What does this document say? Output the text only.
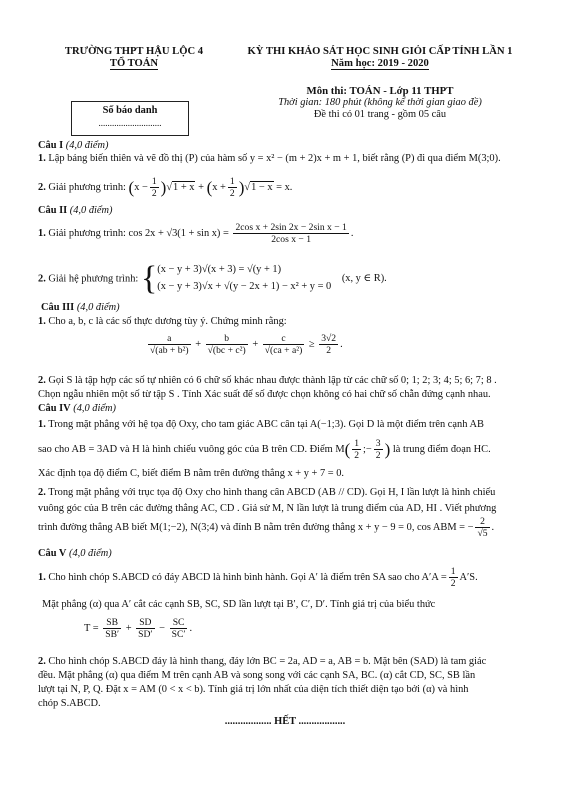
TRƯỜNG THPT HẬU LỘC 4
TỔ TOÁN
KỲ THI KHẢO SÁT HỌC SINH GIỎI CẤP TỈNH LẦN 1
Năm học: 2019 - 2020
Môn thi: TOÁN - Lớp 11 THPT
Thời gian: 180 phút (không kể thời gian giao đề)
Đề thi có 01 trang - gồm 05 câu
Số báo danh
............................
Câu I (4,0 điểm)
1. Lập bảng biến thiên và vẽ đồ thị (P) của hàm số y = x² − (m + 2)x + m + 1, biết rằng (P) đi qua điểm M(3;0).
2. Giải phương trình: $(x - \frac{1}{2} )√1 + x + (x + \frac{1}{2} )√1 - x = x$.
Câu II (4,0 điểm)
1. Giải phương trình: $\cos 2x + √3(1 + \sin x) = \frac{\text{2cos x + 2sin 2x − 2sin x − 1}}{\text{2cos x − 1}}$ .
2. Giải hệ phương trình: { (x − y + 3)√(x + 3) = √(y + 1)
(x − y + 3)√x + √(y − 2x + 1) − x² + y = 0
(x, y ∈ R).
Câu III (4,0 điểm)
1. Cho a, b, c là các số thực dương tùy ý. Chứng minh rằng:
$\frac{a}{\text{√(ab + b²)}} + \frac{b}{\text{√(bc + c²)}} + \frac{c}{\text{√(ca + a²)}} \ge \frac{3√2}{2}$ .
2. Gọi S là tập hợp các số tự nhiên có 6 chữ số khác nhau được thành lập từ các chữ số 0; 1; 2; 3; 4; 5; 6; 7; 8 .
Chọn ngẫu nhiên một số từ tập S . Tính Xác suất để số được chọn không có hai chữ số chẵn đứng cạnh nhau.
Câu IV (4,0 điểm)
1. Trong mặt phẳng với hệ tọa độ Oxy, cho tam giác ABC cân tại A(−1;3). Gọi D là một điểm trên cạnh AB
sao cho AB = 3AD và H là hình chiếu vuông góc của B trên CD. Điểm $M( \frac{1}{2}$ ;− $\frac{3}{2}$ ) là trung điểm đoạn HC.
Xác định tọa độ điểm C, biết điểm B nằm trên đường thẳng x + y + 7 = 0.
2. Trong mặt phẳng với trục tọa độ Oxy cho hình thang cân ABCD (AB // CD). Gọi H, I lần lượt là hình chiếu
vuông góc của B trên các đường thẳng AC, CD . Giả sử M, N lần lượt là trung điểm của AD, HI . Viết phương
trình đường thẳng AB biết M(1;−2), N(3;4) và đỉnh B nằm trên đường thẳng x + y − 9 = 0, cos ABM = − $\frac{2}{√5}$ .
Câu V (4,0 điểm)
1. Cho hình chóp S.ABCD có đáy ABCD là hình bình hành. Gọi A′ là điểm trên SA sao cho $A'A = \frac{1}{2} A'S$.
Mặt phẳng (α) qua A′ cắt các cạnh SB, SC, SD lần lượt tại B′, C′, D′. Tính giá trị của biểu thức
$T = \frac{SB}{SB'} + \frac{SD}{SD'} - \frac{SC}{SC'}$ .
2. Cho hình chóp S.ABCD đáy là hình thang, đáy lớn BC = 2a, AD = a, AB = b. Mặt bên (SAD) là tam giác
đều. Mặt phẳng (α) qua điểm M trên cạnh AB và song song với các cạnh SA, BC. (α) cắt CD, SC, SB lần
lượt tại N, P, Q. Đặt x = AM (0 < x < b). Tính giá trị lớn nhất của diện tích thiết diện tạo bởi (α) và hình
chóp S.ABCD.
.................. HẾT ..................
